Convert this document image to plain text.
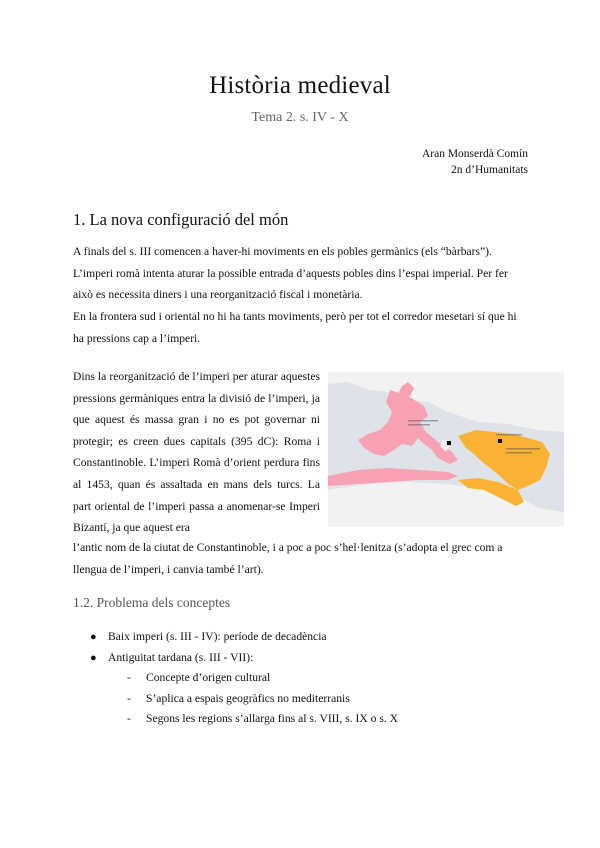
Història medieval
Tema 2. s. IV - X
Aran Monserdà Comín
2n d’Humanitats
1. La nova configuració del món

A finals del s. III comencen a haver-hi moviments en els pobles germànics (els “bàrbars”). L’imperi romà intenta aturar la possible entrada d’aquests pobles dins l’espai imperial. Per fer això es necessita diners i una reorganització fiscal i monetària.

En la frontera sud i oriental no hi ha tants moviments, però per tot el corredor mesetari sí que hi ha pressions cap a l’imperi.

Dins la reorganització de l’imperi per aturar aquestes pressions germàniques entra la divisió de l’imperi, ja que aquest és massa gran i no es pot governar ni protegir; es creen dues capitals (395 dC): Roma i Constantinoble. L’imperi Romà d’orient perdura fins al 1453, quan és assaltada en mans dels turcs. La part oriental de l’imperi passa a anomenar-se Imperi Bizantí, ja que aquest era

l’antic nom de la ciutat de Constantinoble, i a poc a poc s’hel·lenitza (s’adopta el grec com a llengua de l’imperi, i canvia també l’art).

1.2. Problema dels conceptes
● Baix imperi (s. III - IV): període de decadència
● Antiguitat tardana (s. III - VII):
- Concepte d’origen cultural
- S’aplica a espais geogràfics no mediterranis
- Segons les regions s’allarga fins al s. VIII, s. IX o s. X
